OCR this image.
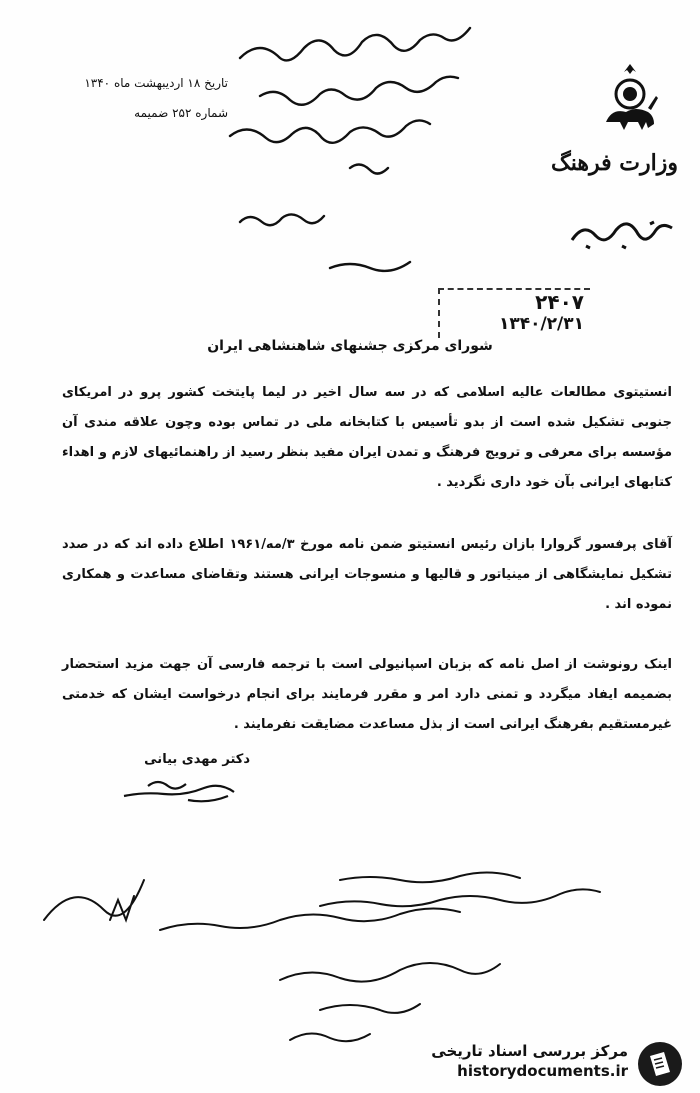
وزارت فرهنگ
تاریخ ۱۸ اردیبهشت ماه ۱۳۴۰
شماره ۲۵۲ ضمیمه
۲۴۰۷
۱۳۴۰/۲/۳۱
شورای مرکزی جشنهای شاهنشاهی ایران
انستیتوی مطالعات عالیه اسلامی که در سه سال اخیر در لیما پایتخت کشور پرو در امریکای جنوبی تشکیل شده است از بدو تأسیس با کتابخانه ملی در تماس بوده وچون علاقه مندی آن مؤسسه برای معرفی و ترویج فرهنگ و تمدن ایران مفید بنظر رسید از راهنمائیهای لازم و اهداء کتابهای ایرانی بآن خود داری نگردید .
آقای پرفسور گروارا بازان رئیس انستیتو ضمن نامه مورخ ۳/مه/۱۹۶۱ اطلاع داده اند که در صدد تشکیل نمایشگاهی از مینیاتور و قالیها و منسوجات ایرانی هستند وتقاضای مساعدت و همکاری نموده اند .
اینک رونوشت از اصل نامه که بزبان اسپانیولی است با ترجمه فارسی آن جهت مزید استحضار بضمیمه ایفاد میگردد و تمنی دارد امر و مقرر فرمایند برای انجام درخواست ایشان که خدمتی غیرمستقیم بفرهنگ ایرانی است از بذل مساعدت مضایقت نفرمایند .
دکتر مهدی بیانی
مرکز بررسی اسناد تاریخی
historydocuments.ir
